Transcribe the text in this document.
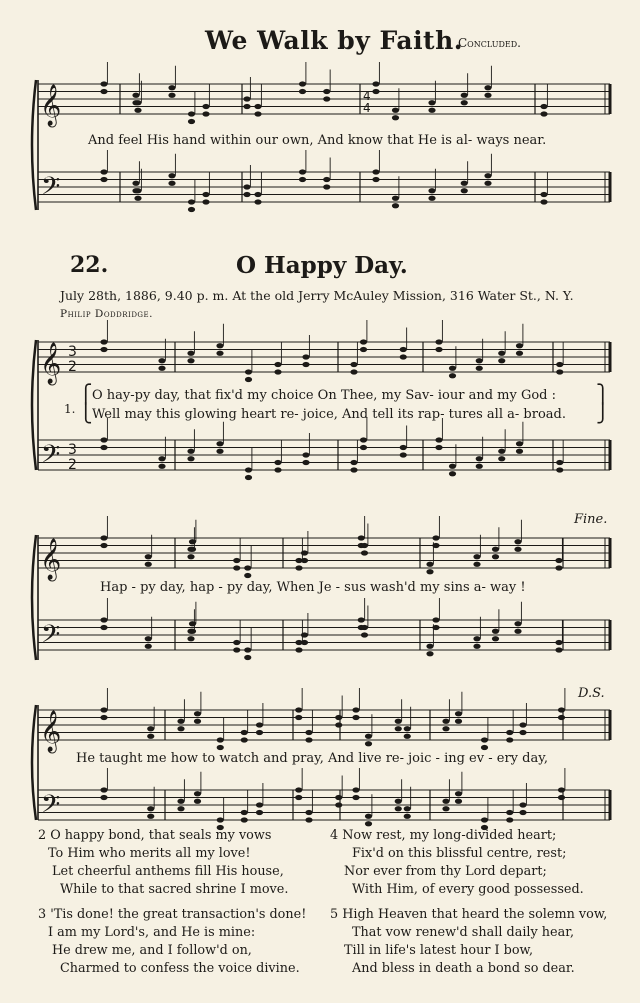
𝄞
𝄢
4
4
𝄞 3
2
𝄢 3
2
𝄞
𝄢
𝄞
𝄢
We Walk by Faith.
Concluded.
22.	O Happy Day.
July 28th, 1886, 9.40 p. m. At the old Jerry McAuley Mission, 316 Water St., N. Y.
Philip Doddridge.
Fine.
D.S.
And feel His hand within our own, And know that He is al- ways near.
1.
⎧
⎩
O hay-py day, that fix'd my choice On Thee, my Sav- iour and my God :
Well may this glowing heart re- joice, And tell its rap- tures all a- broad.
⎫
⎭
Hap - py day, hap - py day, When Je - sus wash'd my sins a- way !
He taught me how to watch and pray, And live re- joic - ing ev - ery day,
2 O happy bond, that seals my vows
To Him who merits all my love!
Let cheerful anthems fill His house,
While to that sacred shrine I move.
3 'Tis done! the great transaction's done!
I am my Lord's, and He is mine:
He drew me, and I follow'd on,
Charmed to confess the voice divine.
4 Now rest, my long-divided heart;
Fix'd on this blissful centre, rest;
Nor ever from thy Lord depart;
With Him, of every good possessed.
5 High Heaven that heard the solemn vow,
That vow renew'd shall daily hear,
Till in life's latest hour I bow,
And bless in death a bond so dear.
